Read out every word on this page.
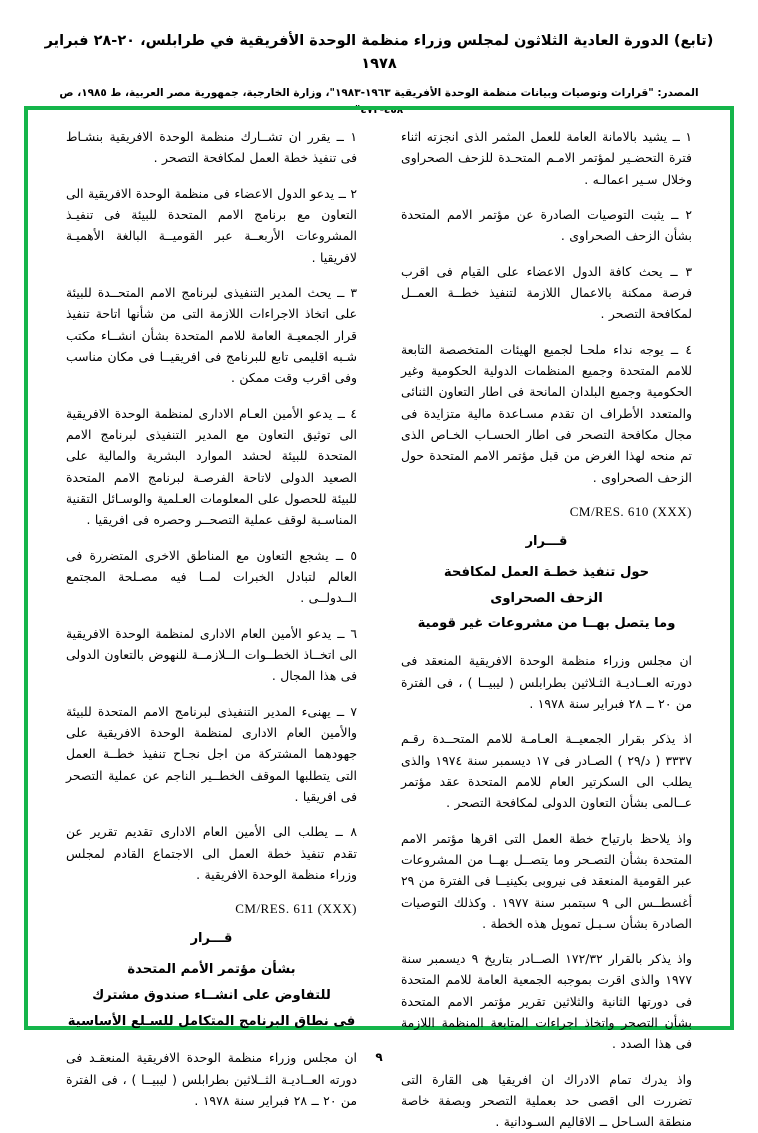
(تابع) الدورة العادية الثلاثون لمجلس وزراء منظمة الوحدة الأفريقية في طرابلس، ٢٠-٢٨ فبراير ١٩٧٨
المصدر: "قرارات وتوصيات وبيانات منظمة الوحدة الأفريقية ١٩٦٣-١٩٨٣"، وزارة الخارجية، جمهورية مصر العربية، ط ١٩٨٥، ص ٤٥٨-٤٧٣"

١ ــ يشيد بالامانة العامة للعمل المثمر الذى انجزته اثناء فترة التحضـير لمؤتمر الامـم المتحـدة للزحف الصحراوى وخلال سـير اعمالـه .

٢ ــ يثبت التوصيات الصادرة عن مؤتمر الامم المتحدة بشأن الزحف الصحراوى .

٣ ــ يحث كافة الدول الاعضاء على القيام فى اقرب فرصة ممكنة بالاعمال اللازمة لتنفيذ خطــة العمــل لمكافحة التصحر .

٤ ــ يوجه نداء ملحـا لجميع الهيئات المتخصصة التابعة للامم المتحدة وجميع المنظمات الدولية الحكومية وغير الحكومية وجميع البلدان المانحة فى اطار التعاون الثنائى والمتعدد الأطراف ان تقدم مسـاعدة مالية متزايدة فى مجال مكافحة التصحر فى اطار الحسـاب الخـاص الذى تم منحه لهذا الغرض من قبل مؤتمر الامم المتحدة حول الزحف الصحراوى .

CM/RES. 610 (XXX)
قـــرار
حول تنفيذ خطـة العمل لمكافحة
الزحف الصحراوى
وما يتصل بهــا من مشروعات غير قومية

ان مجلس وزراء منظمة الوحدة الافريقية المنعقد فى دورته العــاديـة الثـلاثين بطرابلس ( ليبيــا ) ، فى الفترة من ٢٠ ــ ٢٨ فبراير سنة ١٩٧٨ .

اذ يذكر بقرار الجمعيــة العـامـة للامم المتحــدة رقـم ٣٣٣٧ ( د/٢٩ ) الصـادر فى ١٧ ديسمبر سنة ١٩٧٤ والذى يطلب الى السكرتير العام للامم المتحدة عقد مؤتمر عــالمى بشأن التعاون الدولى لمكافحة التصحر .

واذ يلاحظ بارتياح خطة العمل التى اقرها مؤتمر الامم المتحدة بشأن التصـحر وما يتصــل بهــا من المشروعات عبر القومية المنعقد فى نيروبى بكينيــا فى الفترة من ٢٩ أغسطــس الى ٩ سبتمبر سنة ١٩٧٧ . وكذلك التوصيات الصادرة بشأن سـبـل تمويل هذه الخطة .

واذ يذكر بالقرار ١٧٢/٣٢ الصــادر بتاريخ ٩ ديسمبر سنة ١٩٧٧ والذى اقرت بموجبه الجمعية العامة للامم المتحدة فى دورتها الثانية والثلاثين تقرير مؤتمر الامم المتحدة بشأن التصحر واتخاذ اجراءات المتابعة المنظمة اللازمة فى هذا الصدد .

واذ يدرك تمام الادراك ان افريقيا هى القارة التى تضررت الى اقصى حد بعملية التصحر وبصفة خاصة منطقة السـاحل ــ الاقاليم السـودانية .

١ ــ يقرر ان تشــارك منظمة الوحدة الافريقية بنشـاط فى تنفيذ خطة العمل لمكافحة التصحر .

٢ ــ يدعو الدول الاعضاء فى منظمة الوحدة الافريقية الى التعاون مع برنامج الامم المتحدة للبيئة فى تنفيـذ المشروعات الأربعــة عبر القوميــة البالغة الأهميـة لافريقيا .

٣ ــ يحث المدير التنفيذى لبرنامج الامم المتحــدة للبيئة على اتخاذ الاجراءات اللازمة التى من شأنها اتاحة تنفيذ قرار الجمعيـة العامة للامم المتحدة بشأن انشــاء مكتب شـبه اقليمى تابع للبرنامج فى افريقيــا فى مكان مناسب وفى اقرب وقت ممكن .

٤ ــ يدعو الأمين العـام الادارى لمنظمة الوحدة الافريقية الى توثيق التعاون مع المدير التنفيذى لبرنامج الامم المتحدة للبيئة لحشد الموارد البشرية والمالية على الصعيد الدولى لاتاحة الفرصـة لبرنامج الامم المتحدة للبيئة للحصول على المعلومات العـلمية والوسـائل التقنية المناسـبة لوقف عملية التصحــر وحصره فى افريقيا .

٥ ــ يشجع التعاون مع المناطق الاخرى المتضررة فى العالم لتبادل الخبرات لمــا فيه مصـلحة المجتمع الــدولــى .

٦ ــ يدعو الأمين العام الادارى لمنظمة الوحدة الافريقية الى اتخــاذ الخطــوات الــلازمــة للنهوض بالتعاون الدولى فى هذا المجال .

٧ ــ يهنىء المدير التنفيذى لبرنامج الامم المتحدة للبيئة والأمين العام الادارى لمنظمة الوحدة الافريقية على جهودهما المشتركة من اجل نجـاح تنفيذ خطــة العمل التى يتطلبها الموقف الخطــير الناجم عن عملية التصحر فى افريقيا .

٨ ــ يطلب الى الأمين العام الادارى تقديم تقرير عن تقدم تنفيذ خطة العمل الى الاجتماع القادم لمجلس وزراء منظمة الوحدة الافريقية .

CM/RES. 611 (XXX)
قـــرار
بشأن مؤتمر الأمم المتحدة
للتفاوض على انشــاء صندوق مشترك
فى نطاق البرنامج المتكامل للسـلع الأساسية

ان مجلس وزراء منظمة الوحدة الافريقية المنعقـد فى دورته العــاديـة الثــلاثين بطرابلس ( ليبيــا ) ، فى الفترة من ٢٠ ــ ٢٨ فبراير سنة ١٩٧٨ .

٩
